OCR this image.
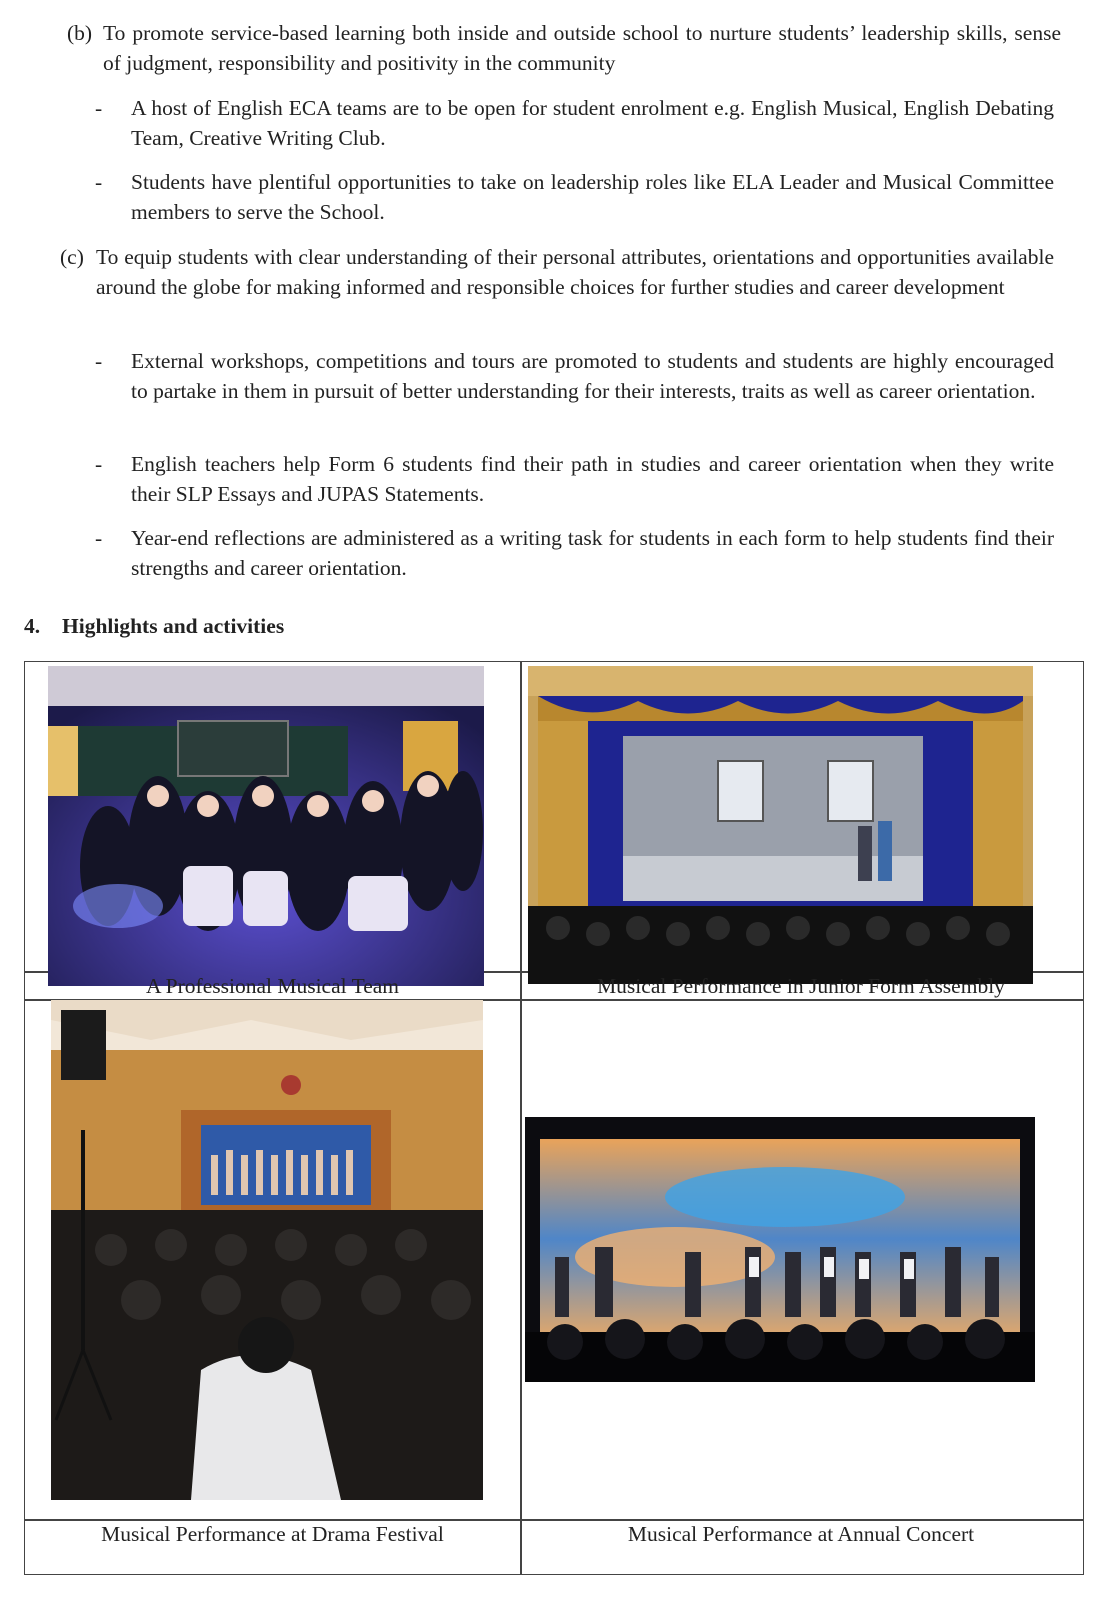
(b) To promote service-based learning both inside and outside school to nurture students’ leadership skills, sense of judgment, responsibility and positivity in the community
- A host of English ECA teams are to be open for student enrolment e.g. English Musical, English Debating Team, Creative Writing Club.
- Students have plentiful opportunities to take on leadership roles like ELA Leader and Musical Committee members to serve the School.
(c) To equip students with clear understanding of their personal attributes, orientations and opportunities available around the globe for making informed and responsible choices for further studies and career development
- External workshops, competitions and tours are promoted to students and students are highly encouraged to partake in them in pursuit of better understanding for their interests, traits as well as career orientation.
- English teachers help Form 6 students find their path in studies and career orientation when they write their SLP Essays and JUPAS Statements.
- Year-end reflections are administered as a writing task for students in each form to help students find their strengths and career orientation.
4. Highlights and activities
A Professional Musical Team	Musical Performance in Junior Form Assembly
Musical Performance at Drama Festival	Musical Performance at Annual Concert
